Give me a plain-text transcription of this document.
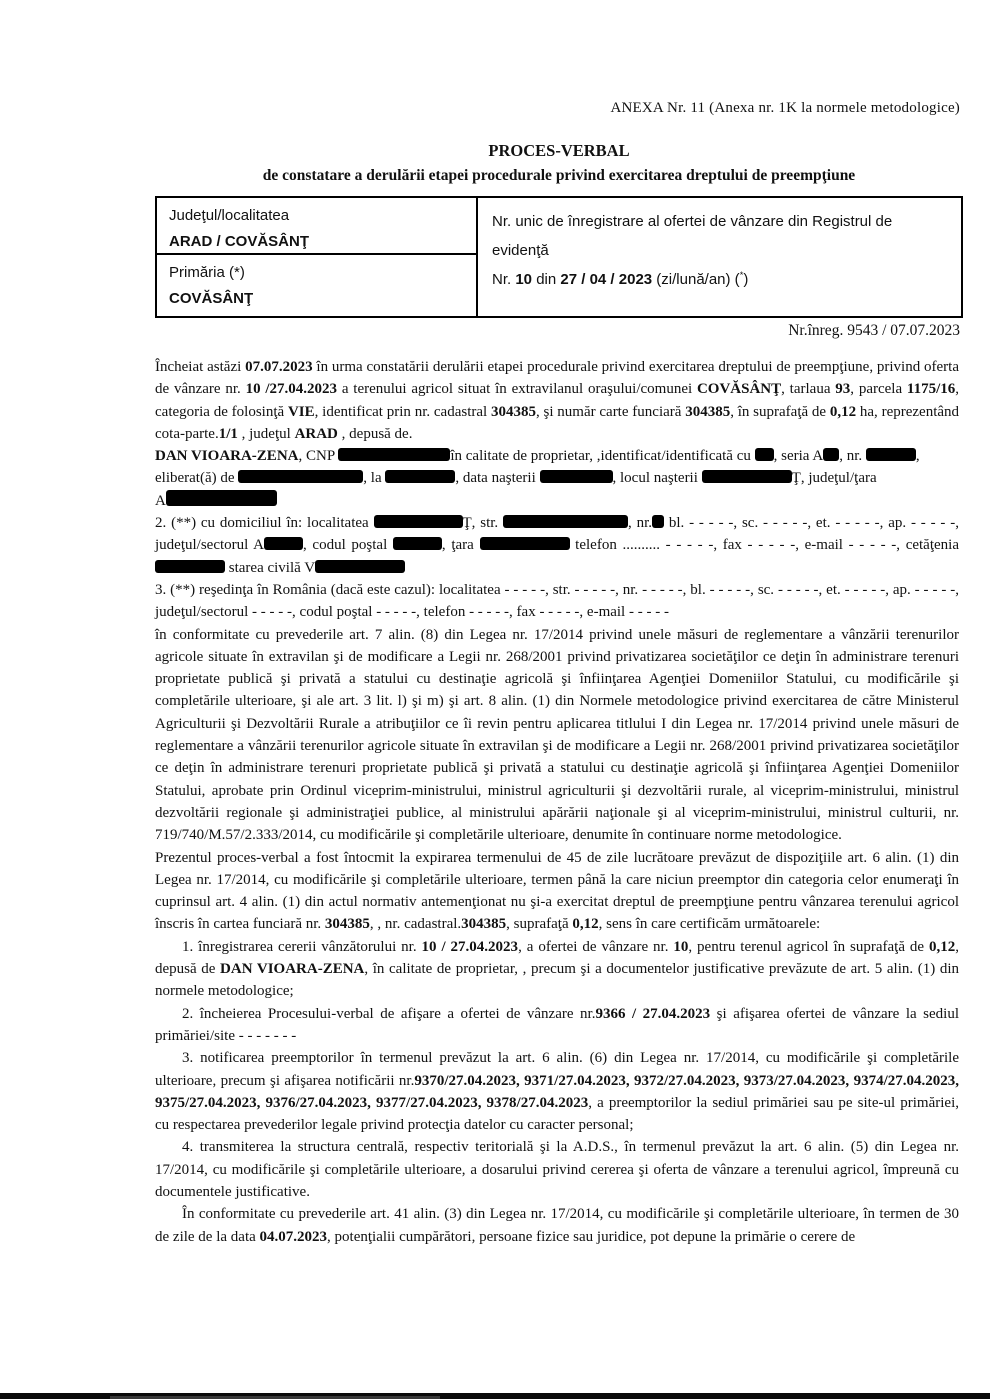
ANEXA Nr. 11 (Anexa nr. 1K la normele metodologice)
PROCES-VERBAL
de constatare a derulării etapei procedurale privind exercitarea dreptului de preempţiune
Judeţul/localitatea
ARAD / COVĂSÂNŢ
Primăria (*)
COVĂSÂNŢ
Nr. unic de înregistrare al ofertei de vânzare din Registrul de evidenţă
Nr. 10 din 27 / 04 / 2023 (zi/lună/an) (*)
Nr.înreg. 9543 / 07.07.2023

Încheiat astăzi 07.07.2023 în urma constatării derulării etapei procedurale privind exercitarea dreptului de preempţiune, privind oferta de vânzare nr. 10 /27.04.2023 a terenului agricol situat în extravilanul oraşului/comunei COVĂSÂNŢ, tarlaua 93, parcela 1175/16, categoria de folosinţă VIE, identificat prin nr. cadastral 304385, şi număr carte funciară 304385, în suprafaţă de 0,12 ha, reprezentând cota-parte.1/1 , judeţul ARAD , depusă de.

DAN VIOARA-ZENA, CNP	în calitate de proprietar, ,identificat/identificată cu , seria A , nr.	,

eliberat(ă) de	, la	, data naşterii	, locul naşterii	Ţ, judeţul/ţara

A

2. (**) cu domiciliul în: localitatea	Ţ, str.	, nr. bl. - - - - -, sc. - - - - -, et. - - - - -, ap. - - - - -, judeţul/sectorul A	, codul poştal	, ţara	telefon .......... - - - - -, fax - - - - -, e-mail - - - - -, cetăţenia  starea civilă V

3. (**) reşedinţa în România (dacă este cazul): localitatea - - - - -, str. - - - - -, nr. - - - - -, bl. - - - - -, sc. - - - - -, et. - - - - -, ap. - - - - -, judeţul/sectorul - - - - -, codul poştal - - - - -, telefon - - - - -, fax - - - - -, e-mail - - - - -

în conformitate cu prevederile art. 7 alin. (8) din Legea nr. 17/2014 privind unele măsuri de reglementare a vânzării terenurilor agricole situate în extravilan şi de modificare a Legii nr. 268/2001 privind privatizarea societăţilor ce deţin în administrare terenuri proprietate publică şi privată a statului cu destinaţie agricolă şi înfiinţarea Agenţiei Domeniilor Statului, cu modificările şi completările ulterioare, şi ale art. 3 lit. l) şi m) şi art. 8 alin. (1) din Normele metodologice privind exercitarea de către Ministerul Agriculturii şi Dezvoltării Rurale a atribuţiilor ce îi revin pentru aplicarea titlului I din Legea nr. 17/2014 privind unele măsuri de reglementare a vânzării terenurilor agricole situate în extravilan şi de modificare a Legii nr. 268/2001 privind privatizarea societăţilor ce deţin în administrare terenuri proprietate publică şi privată a statului cu destinaţie agricolă şi înfiinţarea Agenţiei Domeniilor Statului, aprobate prin Ordinul viceprim-ministrului, ministrul agriculturii şi dezvoltării rurale, al viceprim-ministrului, ministrul dezvoltării regionale şi administraţiei publice, al ministrului apărării naţionale şi al viceprim-ministrului, ministrul culturii, nr. 719/740/M.57/2.333/2014, cu modificările şi completările ulterioare, denumite în continuare norme metodologice.

Prezentul proces-verbal a fost întocmit la expirarea termenului de 45 de zile lucrătoare prevăzut de dispoziţiile art. 6 alin. (1) din Legea nr. 17/2014, cu modificările şi completările ulterioare, termen până la care niciun preemptor din categoria celor enumeraţi în cuprinsul art. 4 alin. (1) din actul normativ antemenţionat nu şi-a exercitat dreptul de preempţiune pentru vânzarea terenului agricol înscris în cartea funciară nr. 304385, , nr. cadastral.304385, suprafaţă 0,12, sens în care certificăm următoarele:

1. înregistrarea cererii vânzătorului nr. 10 / 27.04.2023, a ofertei de vânzare nr. 10, pentru terenul agricol în suprafaţă de 0,12, depusă de DAN VIOARA-ZENA, în calitate de proprietar, , precum şi a documentelor justificative prevăzute de art. 5 alin. (1) din normele metodologice;

2. încheierea Procesului-verbal de afişare a ofertei de vânzare nr.9366 / 27.04.2023 şi afişarea ofertei de vânzare la sediul primăriei/site - - - - - - -

3. notificarea preemptorilor în termenul prevăzut la art. 6 alin. (6) din Legea nr. 17/2014, cu modificările şi completările ulterioare, precum şi afişarea notificării nr.9370/27.04.2023, 9371/27.04.2023, 9372/27.04.2023, 9373/27.04.2023, 9374/27.04.2023, 9375/27.04.2023, 9376/27.04.2023, 9377/27.04.2023, 9378/27.04.2023, a preemptorilor la sediul primăriei sau pe site-ul primăriei, cu respectarea prevederilor legale privind protecţia datelor cu caracter personal;

4. transmiterea la structura centrală, respectiv teritorială şi la A.D.S., în termenul prevăzut la art. 6 alin. (5) din Legea nr. 17/2014, cu modificările şi completările ulterioare, a dosarului privind cererea şi oferta de vânzare a terenului agricol, împreună cu documentele justificative.

În conformitate cu prevederile art. 41 alin. (3) din Legea nr. 17/2014, cu modificările şi completările ulterioare, în termen de 30 de zile de la data 04.07.2023, potenţialii cumpărători, persoane fizice sau juridice, pot depune la primărie o cerere de
